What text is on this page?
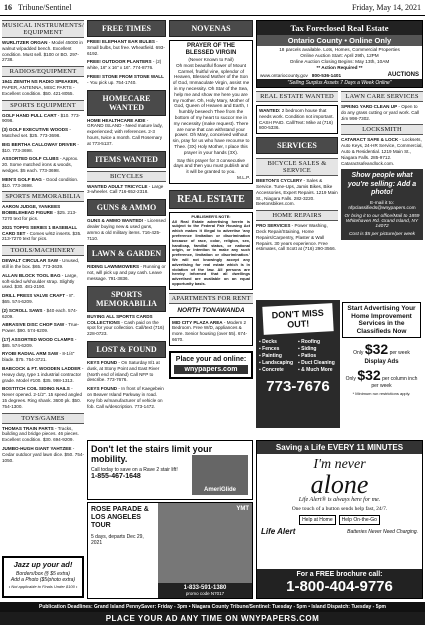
16 Tribune/Sentinel	Friday, May 14, 2021
MUSICAL INSTRUMENTS/ EQUIPMENT
WURLITZER ORGAN - Model 45000 in walnut w/padded bench. Excellent condition. Must sell. $100 or BO. 297-2738.
RADIOS/EQUIPMENT
1941 ZENITH NS RADIO SPEAKER, PAPER, ANTENNA, MISC PARTS - Excellent condition. $50. 421-8055.
SPORTS EQUIPMENT
GOLF HAND PULL CART - $10. 773-9098.
(3) GOLF EXECUTIVE WOODS - Matched set. $25. 773-3698.
BIG BERTHA CALLOWAY DRIVER - $10. 773-3698.
ASSORTED GOLF CLUBS - Approx. 20. Some matched irons & woods, wedges. $5 each. 773-3698.
MEN'S GOLF BAG - Good condition. $10. 773-3698.
SPORTS MEMORABILIA
AARON JUDGE, YANKEES BOBBLEHEAD FIGURE - $25. 213-7270 text for pics.
2021 TOPPS SERIES 1 BASEBALL CARD SET - Comes w/62 inserts. $35. 213-7270 text for pics.
TOOLS/MACHINERY
DEWALT CIRCULAR SAW - Unused, still in the box. $65. 773-3639.
ALLAN BLOCK TOOL BAG - Large, soft-sided w/shoulder strap. Slightly used. $30. 481-2190.
DRILL PRESS VALVE CRAFT - 8". $65. 574-6209.
(2) SCROLL SAWS - $40 each. 574-6209.
ABRASIVE DISC CHOP SAW - True-Power. $90. 574-6209.
(17) ASSORTED WOOD CLAMPS - $85. 574-6209.
RYOBI RADIAL ARM SAW - 8-1/4" blade. $75. 754-3721.
BABCOCK & FT. WOODEN LADDER - Heavy duty, type 1 industrial contractor grade. Model #100. $35. 998-1313.
BOSTITCH COIL SIDING NAILS - Never opened. 2-1/2". 15 speed angled 15 degrees. Ring shank. 3600 pk. $50. 754-1300.
TOYS/GAMES
THOMAS TRAIN PARTS - Tracks, building and bridge pieces. 46 pieces. Excellent condition. $30. 694-9209.
JUMBO-HUGH GIANT YAHTZEE - Cedar outdoor yard lawn dice. $50. 754-1050.
FREE TIMES
FREE! ELEPHANT EAR BULBS - Small bulbs, but free. Wheatfield. 693-6192.
FREE! OUTDOOR PLANTERS - (2) white, 16" x 16" x 16". 774-8776.
FREE! STONE FROM STONE WALL - You pick up. 754-1740.
HOMECARE WANTED
HOME HEALTHCARE AIDE - GRAND ISLAND - Need mature lady, experienced; with references. 2-3 hours, twice a month. Call Rosemary at 773-5137.
ITEMS WANTED
BICYCLES
WANTED ADULT TRICYCLE - Large 3-wheeler. Call 716-652-2318.
GUNS & AMMO
GUNS & AMMO WANTED! - Licensed dealer buying new & used guns, ammo & old military items. 716-425-7110.
LAWN & GARDEN
RIDING LAWNMOWERS - Running or not, will pick up and pay cash. Leave message. 791-3836.
SPORTS MEMORABILIA
BUYING ALL SPORTS CARDS COLLECTIONS - Cash paid on the spot for your collection. Call/text (716) 228-0723.
LOST & FOUND
KEYS FOUND - On Saturday 8/1 at dusk, at Stony Point and East River (North end of island) Call NFP to describe. 773-7676.
KEYS FOUND - In front of Kaegebein on Beaver Island Parkway in road. Key fob w/manufacturer of vehicle on fob. Call w/description. 773-1472.
NOVENAS
PRAYER OF THE BLESSED VIRGIN
(Never Known to Fail)
Oh most beautiful flower of Mount Carmel, fruitful vine, splendor of Heaven, Blessed Mother of the Son of God, Immaculate Virgin, assist me in my necessity. Oh Star of the Sea, help me and show me here you are my mother. Oh, Holy Mary, Mother of God, Queen of Heaven and Earth, I humbly beseech Thee from the bottom of my heart to succor me in my necessity (make request). There are none that can withstand your power. Oh Mary, conceived without sin, pray for us who have recourse to Thee. (3X) Holy Mother, I place this prayer in your hands (3X).
Say this prayer for 3 consecutive days and then you must publish and it will be granted to you.
M.L.P.
REAL ESTATE
PUBLISHER'S NOTE:
All Real Estate advertising herein is subject to the Federal Fair Housing Act which makes it illegal to advertise 'any preference limitation or discrimination because of race, color, religion, sex, handicap, familial status, or national origin, or intention to make any such preference, limitation or discrimination.' We will not knowingly accept any advertising for real estate which is in violation of the law. All persons are hereby informed that all dwellings advertised are available on an equal opportunity basis.
APARTMENTS FOR RENT
NORTH TONAWANDA
MID CITY PLAZA AREA - Modern 2 Bedroom. Free W/D, appliances & more. Senior housing (over 55). 674-6670.
Place your ad online:
wnypapers.com
Tax Foreclosed Real Estate
Ontario County • Online Only
18 parcels available. Lots, Homes, Commercial Properties
Online Auction Start: April 29th, 12PM
Online Auction Closing Begins: May 13th, 10AM
** Action Required **
www.ontariocounty.gov 800-536-1401	AUCTIONS
"Selling Surplus Assets 7 Days a Week Online"
REAL ESTATE WANTED
WANTED: 2 bedroom house that needs work. Condition not important. CASH PAID. Call/Text: Mike at (716) 800-5336.
SERVICES
BICYCLE SALES & SERVICE
BEETON'S CYCLERY - Sales & Service. Tune-Ups, Jamis Bikes, Bike Accessories, Expert Repairs. 1219 Main St., Niagara Falls. 282-3220. Beetonsbikes.com.
HOME REPAIRS
PRO SERVICES - Power Washing, Deck Repair/Staining, Home Repairs/Carpentry, Plaster & Wall Repairs. 30 years experience. Free estimates, call Scott at (716) 290-3566.
LAWN CARE SERVICES
SPRING YARD CLEAN UP - Open to do any grass cutting or yard work. Call Jim 998-7302.
LOCKSMITH
CATARACT SAFE & LOCK - Locksets, Auto Keys, 24-HR Service, Commercial, Auto & Residential. 1219 Main St., Niagara Falls. 285-9712. Cataractsafeandlock.com.
Show people what you're selling: Add a photo!
E-mail it to: nfpclassifieds@wnypapers.com
Or bring it to our office/Mail to 1859 Whitehaven Rd. Grand Island, NY 14072
Cost is $5 per picture/per week
DON'T MISS OUT!
▪ Decks
▪ Fences
▪ Painting
▪ Landscaping
▪ Concrete
▪ Roofing
▪ Siding
▪ Patios
▪ Duct Cleaning
▪ & Much More
773-7676
Start Advertising Your Home Improvement Services in the Classifieds Now
Only $32 per week
Display Ads
Only $32 per column inch per week
* Minimum run restrictions apply.
Don't let the stairs limit your mobility.
Call today to save on a Rave 2 stair lift!
1-855-467-1648
AmeriGlide
ROSE PARADE & LOS ANGELES TOUR
5 days, departs Dec 29, 2021
1-833-591-1380
promo code N7017
YMT
Saving a Life EVERY 11 MINUTES
I'm never
alone
Life Alert® is always here for me.
One touch of a button sends help fast, 24/7.
Help at Home	Help On-the-Go
Life Alert	Batteries Never Need Charging.
For a FREE brochure call:
1-800-404-9776
Jazz up your ad!
Borders/box (§ $5 extra)
Add a Photo ($5/photo extra)
• Not applicable to Finals Under $100 •
Publication Deadlines: Grand Island PennySaver: Friday - 3pm • Niagara County Tribune/Sentinel: Tuesday - 5pm • Island Dispatch: Tuesday - 5pm
PLACE YOUR AD ANY TIME ON WNYPAPERS.COM
